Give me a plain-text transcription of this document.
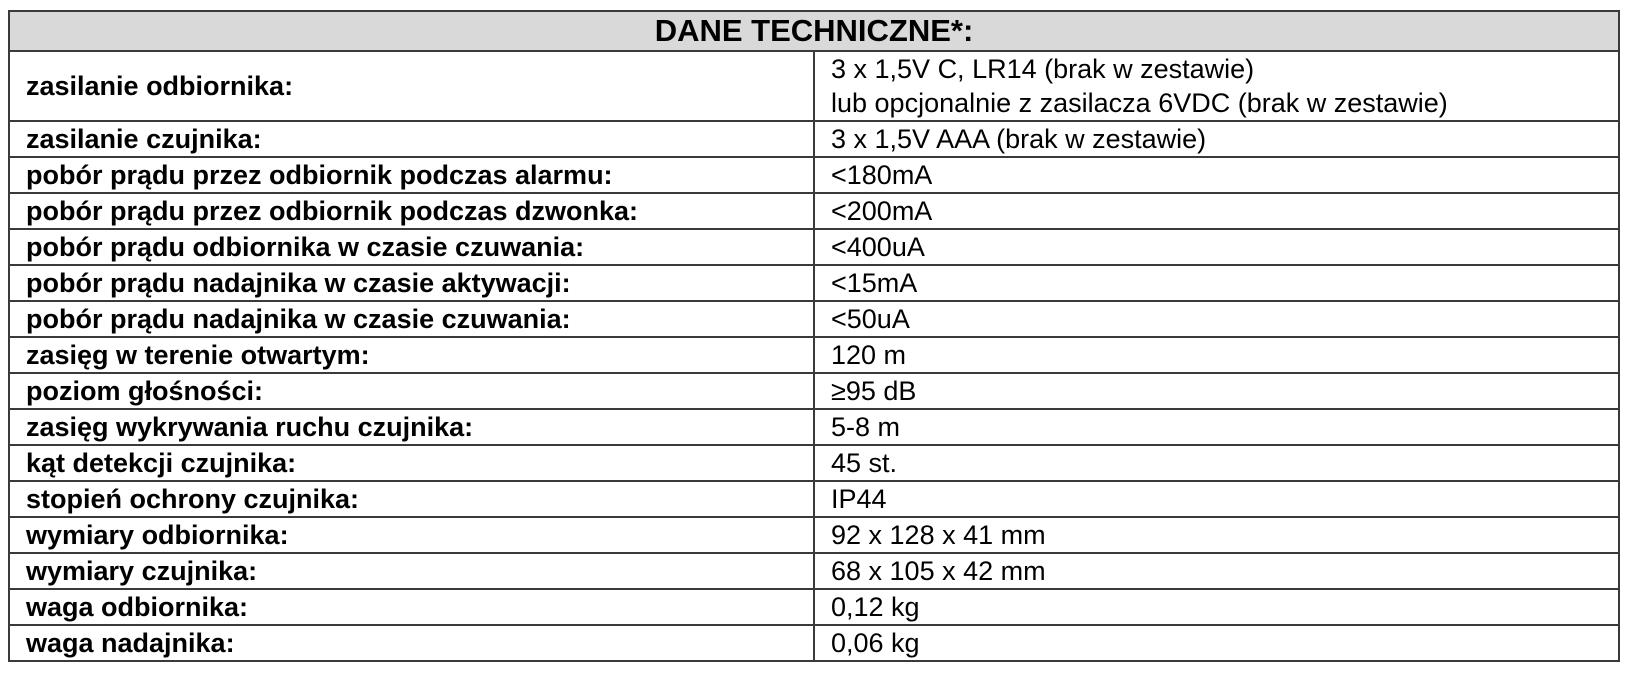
DANE TECHNICZNE*:	
zasilanie odbiornika:	3 x 1,5V C, LR14 (brak w zestawie)
lub opcjonalnie z zasilacza 6VDC (brak w zestawie)

zasilanie czujnika:	3 x 1,5V AAA (brak w zestawie)

pobór prądu przez odbiornik podczas alarmu:	<180mA

pobór prądu przez odbiornik podczas dzwonka:	<200mA

pobór prądu odbiornika w czasie czuwania:	<400uA

pobór prądu nadajnika w czasie aktywacji:	<15mA

pobór prądu nadajnika w czasie czuwania:	<50uA

zasięg w terenie otwartym:	120 m

poziom głośności:	≥95 dB

zasięg wykrywania ruchu czujnika:	5-8 m

kąt detekcji czujnika:	45 st.

stopień ochrony czujnika:	IP44

wymiary odbiornika:	92 x 128 x 41 mm

wymiary czujnika:	68 x 105 x 42 mm

waga odbiornika:	0,12 kg

waga nadajnika:	0,06 kg
